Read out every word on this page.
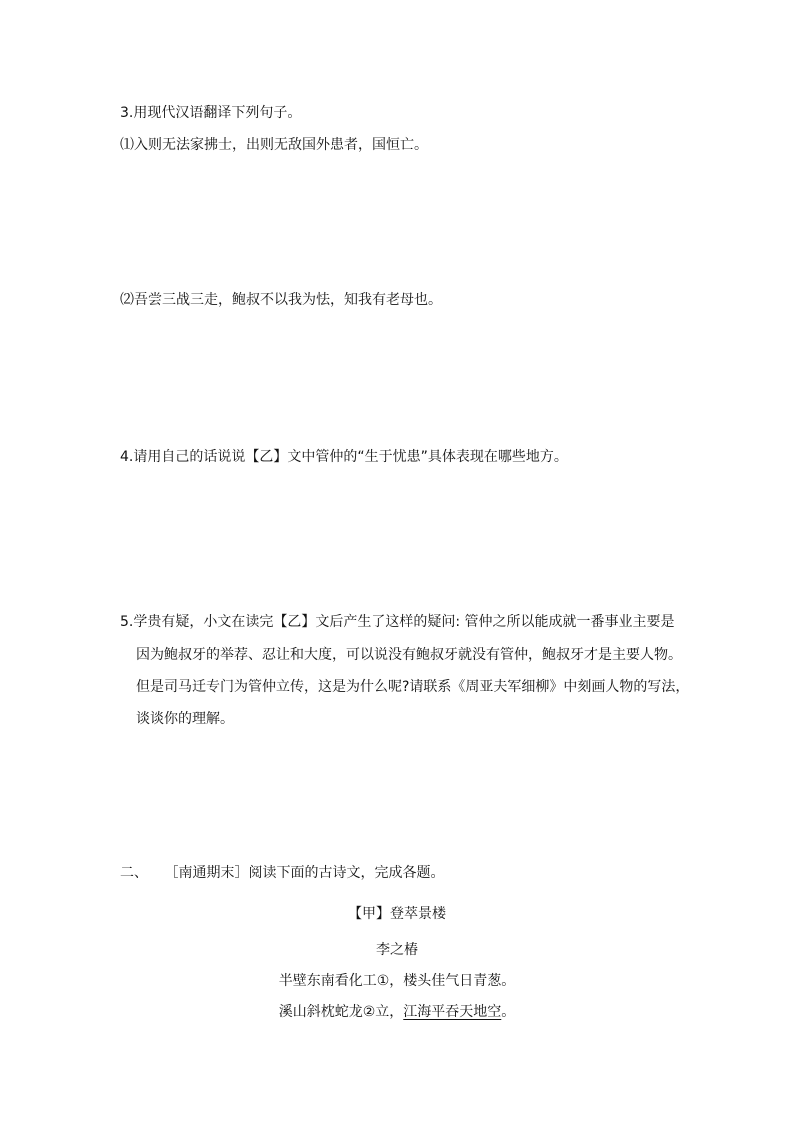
3.用现代汉语翻译下列句子。
⑴入则无法家拂士，出则无敌国外患者，国恒亡。
⑵吾尝三战三走，鲍叔不以我为怯，知我有老母也。
4.请用自己的话说说【乙】文中管仲的“生于忧患”具体表现在哪些地方。
5.学贵有疑，小文在读完【乙】文后产生了这样的疑问: 管仲之所以能成就一番事业主要是
因为鲍叔牙的举荐、忍让和大度，可以说没有鲍叔牙就没有管仲，鲍叔牙才是主要人物。
但是司马迁专门为管仲立传，这是为什么呢?请联系《周亚夫军细柳》中刻画人物的写法，
谈谈你的理解。
二、 ［南通期末］阅读下面的古诗文，完成各题。
【甲】登萃景楼
李之椿
半壁东南看化工①，楼头佳气日青葱。
溪山斜枕蛇龙②立，江海平吞天地空。
